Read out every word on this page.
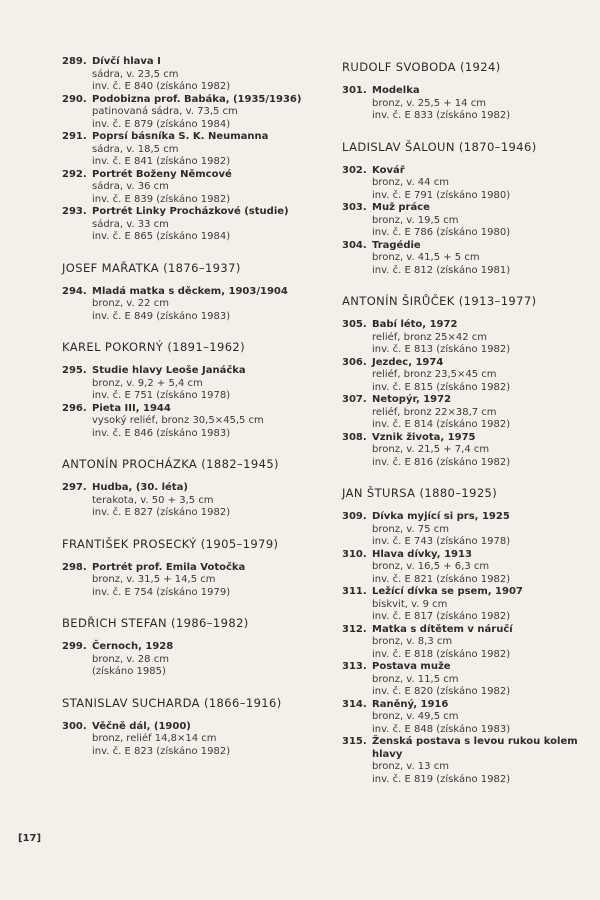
289. Dívčí hlava I
sádra, v. 23,5 cm
inv. č. E 840 (získáno 1982)
290. Podobizna prof. Babáka, (1935/1936)
patinovaná sádra, v. 73,5 cm
inv. č. E 879 (získáno 1984)
291. Poprsí básníka S. K. Neumanna
sádra, v. 18,5 cm
inv. č. E 841 (získáno 1982)
292. Portrét Boženy Němcové
sádra, v. 36 cm
inv. č. E 839 (získáno 1982)
293. Portrét Linky Procházkové (studie)
sádra, v. 33 cm
inv. č. E 865 (získáno 1984)
JOSEF MAŘATKA (1876–1937)
294. Mladá matka s děckem, 1903/1904
bronz, v. 22 cm
inv. č. E 849 (získáno 1983)
KAREL POKORNÝ (1891–1962)
295. Studie hlavy Leoše Janáčka
bronz, v. 9,2 + 5,4 cm
inv. č. E 751 (získáno 1978)
296. Pieta III, 1944
vysoký reliéf, bronz 30,5×45,5 cm
inv. č. E 846 (získáno 1983)
ANTONÍN PROCHÁZKA (1882–1945)
297. Hudba, (30. léta)
terakota, v. 50 + 3,5 cm
inv. č. E 827 (získáno 1982)
FRANTIŠEK PROSECKÝ (1905–1979)
298. Portrét prof. Emila Votočka
bronz, v. 31,5 + 14,5 cm
inv. č. E 754 (získáno 1979)
BEDŘICH STEFAN (1986–1982)
299. Černoch, 1928
bronz, v. 28 cm
(získáno 1985)
STANISLAV SUCHARDA (1866–1916)
300. Věčně dál, (1900)
bronz, reliéf 14,8×14 cm
inv. č. E 823 (získáno 1982)
RUDOLF SVOBODA (1924)
301. Modelka
bronz, v. 25,5 + 14 cm
inv. č. E 833 (získáno 1982)
LADISLAV ŠALOUN (1870–1946)
302. Kovář
bronz, v. 44 cm
inv. č. E 791 (získáno 1980)
303. Muž práce
bronz, v. 19,5 cm
inv. č. E 786 (získáno 1980)
304. Tragédie
bronz, v. 41,5 + 5 cm
inv. č. E 812 (získáno 1981)
ANTONÍN ŠIRŮČEK (1913–1977)
305. Babí léto, 1972
reliéf, bronz 25×42 cm
inv. č. E 813 (získáno 1982)
306. Jezdec, 1974
reliéf, bronz 23,5×45 cm
inv. č. E 815 (získáno 1982)
307. Netopýr, 1972
reliéf, bronz 22×38,7 cm
inv. č. E 814 (získáno 1982)
308. Vznik života, 1975
bronz, v. 21,5 + 7,4 cm
inv. č. E 816 (získáno 1982)
JAN ŠTURSA (1880–1925)
309. Dívka myjící si prs, 1925
bronz, v. 75 cm
inv. č. E 743 (získáno 1978)
310. Hlava dívky, 1913
bronz, v. 16,5 + 6,3 cm
inv. č. E 821 (získáno 1982)
311. Ležící dívka se psem, 1907
biskvit, v. 9 cm
inv. č. E 817 (získáno 1982)
312. Matka s dítětem v náručí
bronz, v. 8,3 cm
inv. č. E 818 (získáno 1982)
313. Postava muže
bronz, v. 11,5 cm
inv. č. E 820 (získáno 1982)
314. Raněný, 1916
bronz, v. 49,5 cm
inv. č. E 848 (získáno 1983)
315. Ženská postava s levou rukou kolem hlavy
bronz, v. 13 cm
inv. č. E 819 (získáno 1982)
[17]
